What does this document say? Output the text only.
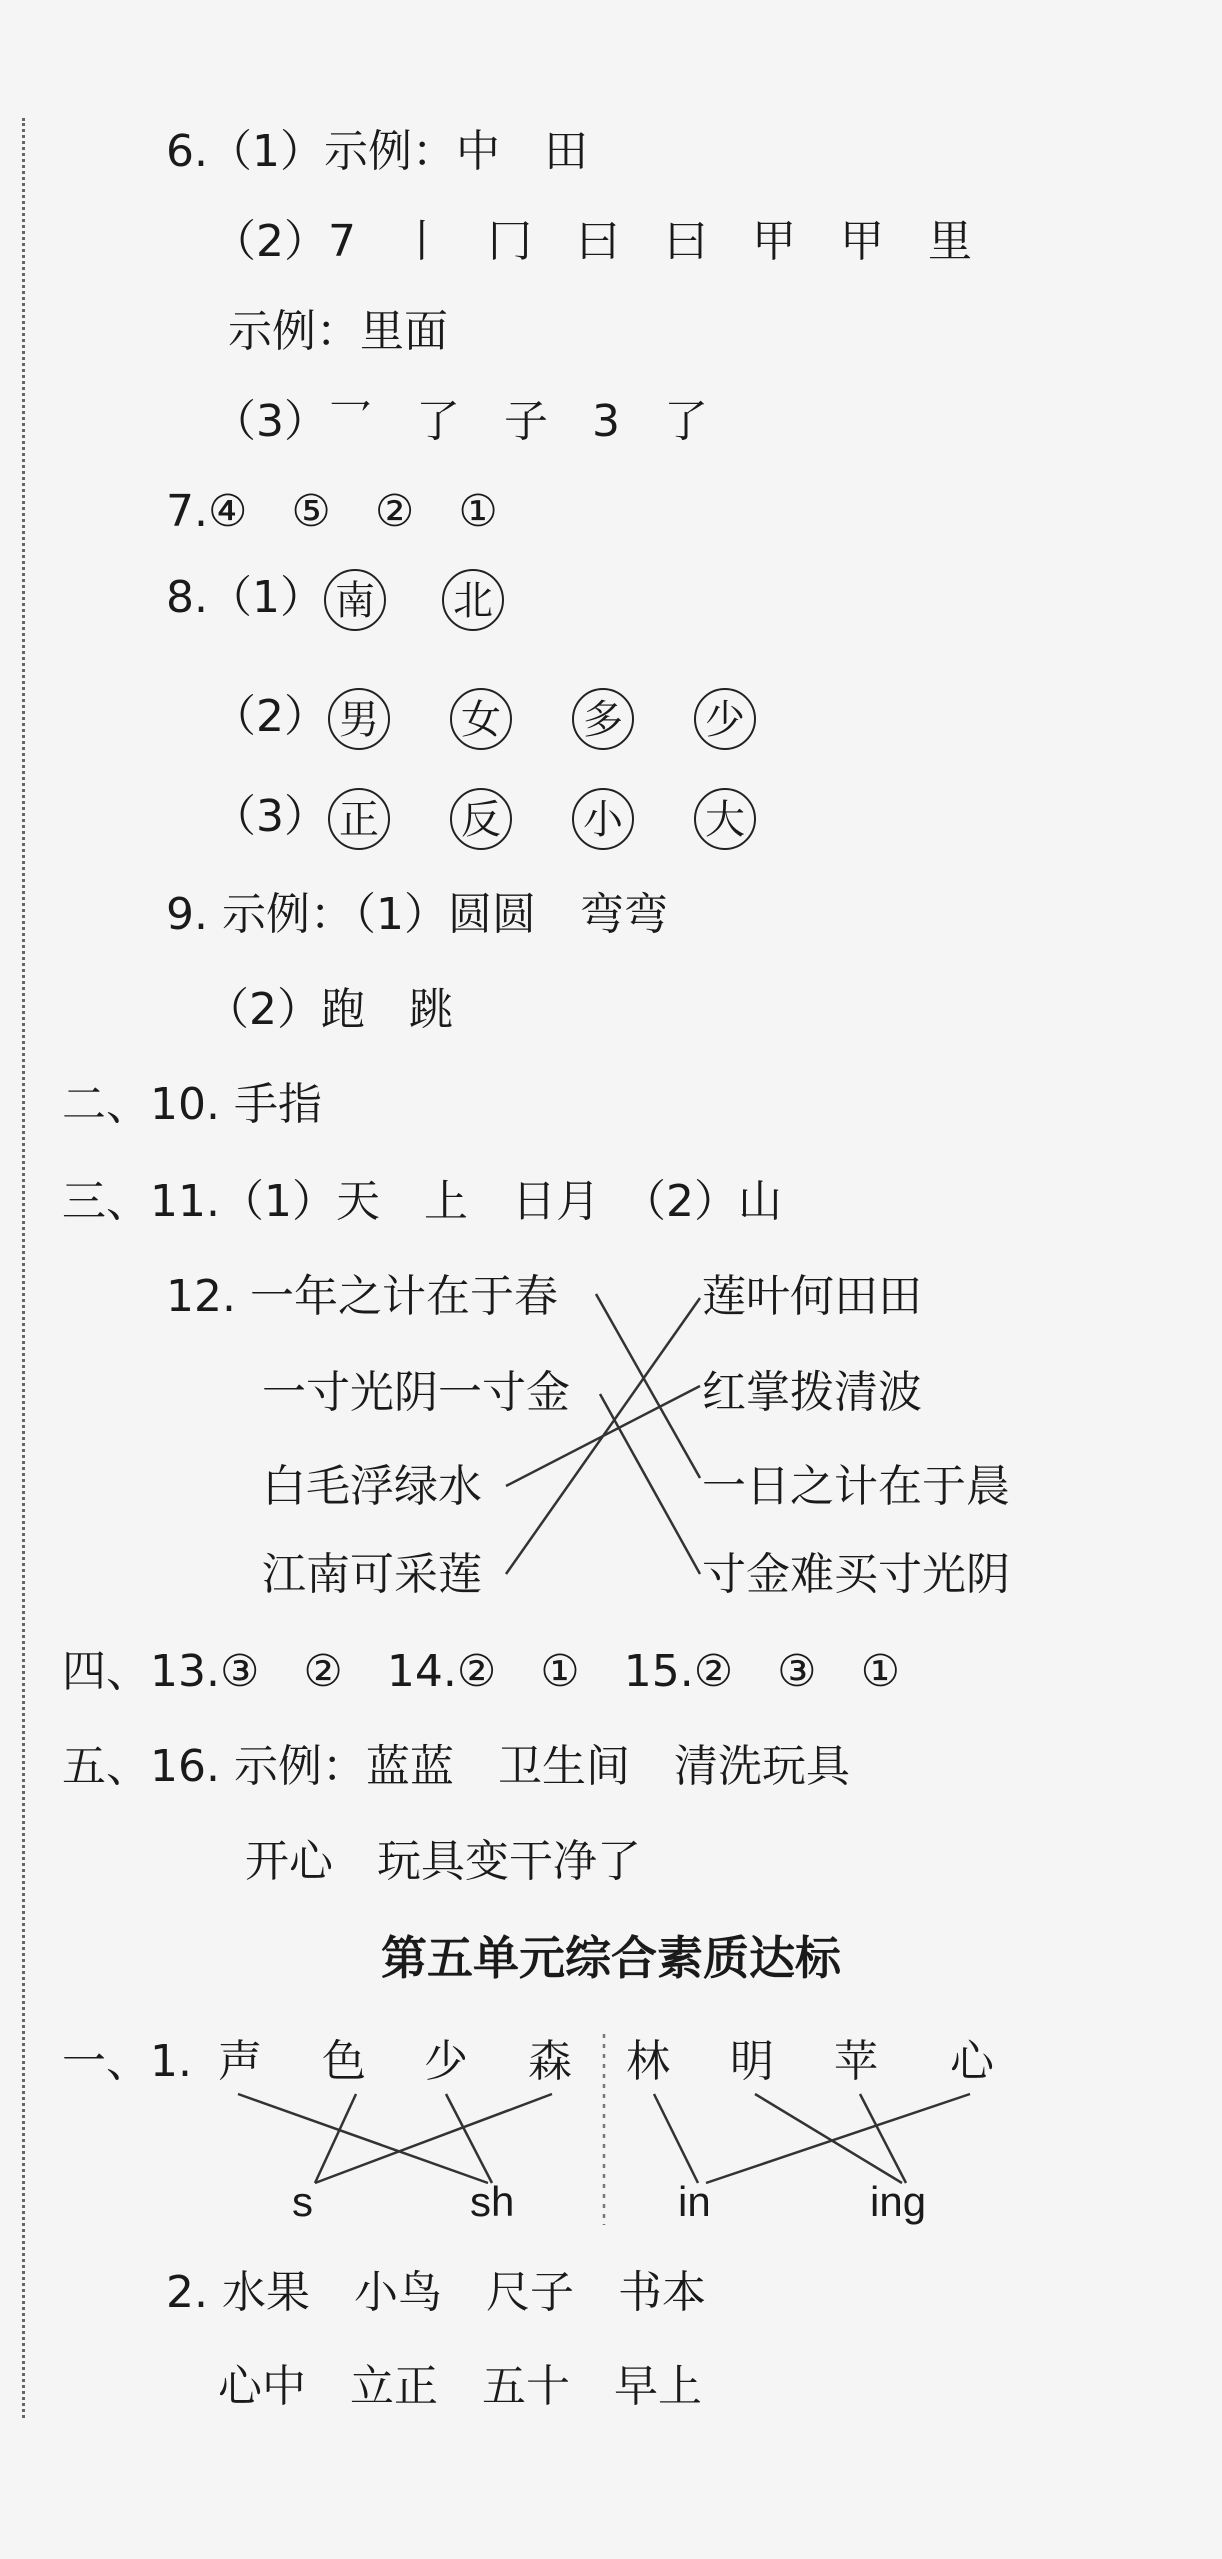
6.（1）示例：中　田
（2）7　丨　冂　曰　曰　甲　甲　里
示例：里面
（3）乛　了　子　3　了
7.④　⑤　②　①
8.（1） 南 北
（2） 男 女 多 少
（3） 正 反 小 大
9. 示例：（1）圆圆　弯弯
（2）跑　跳
二、10. 手指
三、11.（1）天　上　日月　（2）山
12. 一年之计在于春
一寸光阴一寸金
白毛浮绿水
江南可采莲
莲叶何田田
红掌拨清波
一日之计在于晨
寸金难买寸光阴
四、13.③　②　14.②　①　15.②　③　①
五、16. 示例：蓝蓝　卫生间　清洗玩具
开心　玩具变干净了
第五单元综合素质达标
一、1. 声 色 少 森 林 明 苹 心
s	sh	in	ing
2. 水果　小鸟　尺子　书本
心中　立正　五十　早上
